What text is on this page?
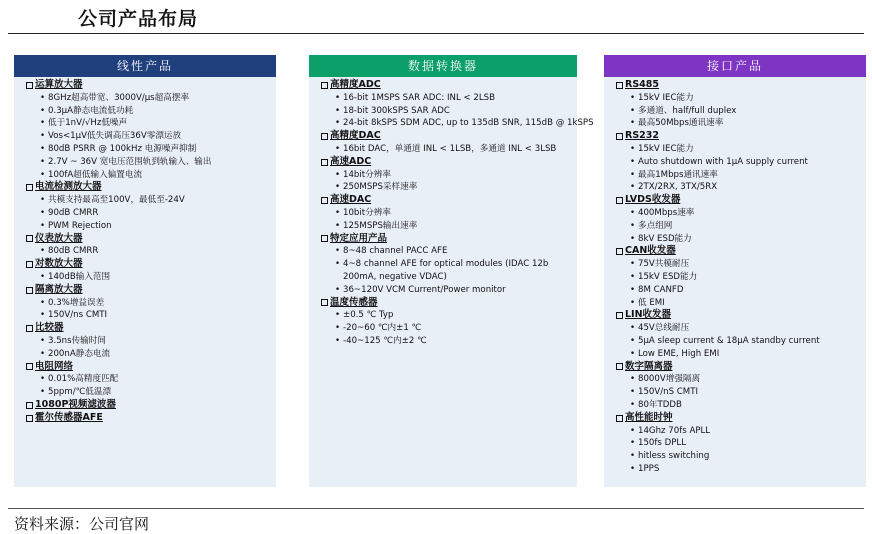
公司产品布局
线性产品
运算放大器
• 8GHz超高带宽、3000V/µs超高摆率
• 0.3µA静态电流低功耗
• 低于1nV/√Hz低噪声
• Vos<1µV低失调高压36V零漂运放
• 80dB PSRR @ 100kHz 电源噪声抑制
• 2.7V ~ 36V 宽电压范围轨到轨输入、输出
• 100fA超低输入偏置电流
电流检测放大器
• 共模支持最高至100V，最低至-24V
• 90dB CMRR
• PWM Rejection
仪表放大器
• 80dB CMRR
对数放大器
• 140dB输入范围
隔离放大器
• 0.3%增益误差
• 150V/ns CMTI
比较器
• 3.5ns传输时间
• 200nA静态电流
电阻网络
• 0.01%高精度匹配
• 5ppm/℃低温漂
1080P视频滤波器
霍尔传感器AFE
数据转换器
高精度ADC
• 16-bit 1MSPS SAR ADC: INL < 2LSB
• 18-bit 300kSPS SAR ADC
• 24-bit 8kSPS SDM ADC, up to 135dB SNR, 115dB @ 1kSPS
高精度DAC
• 16bit DAC，单通道 INL < 1LSB，多通道 INL < 3LSB
高速ADC
• 14bit分辨率
• 250MSPS采样速率
高速DAC
• 10bit分辨率
• 125MSPS输出速率
特定应用产品
• 8~48 channel PACC AFE
• 4~8 channel AFE for optical modules (IDAC 12b 200mA, negative VDAC)
• 36~120V VCM Current/Power monitor
温度传感器
• ±0.5 ℃ Typ
• -20~60 ℃内±1 ℃
• -40~125 ℃内±2 ℃
接口产品
RS485
• 15kV IEC能力
• 多通道、half/full duplex
• 最高50Mbps通讯速率
RS232
• 15kV IEC能力
• Auto shutdown with 1µA supply current
• 最高1Mbps通讯速率
• 2TX/2RX, 3TX/5RX
LVDS收发器
• 400Mbps速率
• 多点组网
• 8kV ESD能力
CAN收发器
• 75V共模耐压
• 15kV ESD能力
• 8M CANFD
• 低 EMI
LIN收发器
• 45V总线耐压
• 5µA sleep current & 18µA standby current
• Low EME, High EMI
数字隔离器
• 8000V增强隔离
• 150V/nS CMTI
• 80年TDDB
高性能时钟
• 14Ghz 70fs APLL
• 150fs DPLL
• hitless switching
• 1PPS
资料来源：公司官网
